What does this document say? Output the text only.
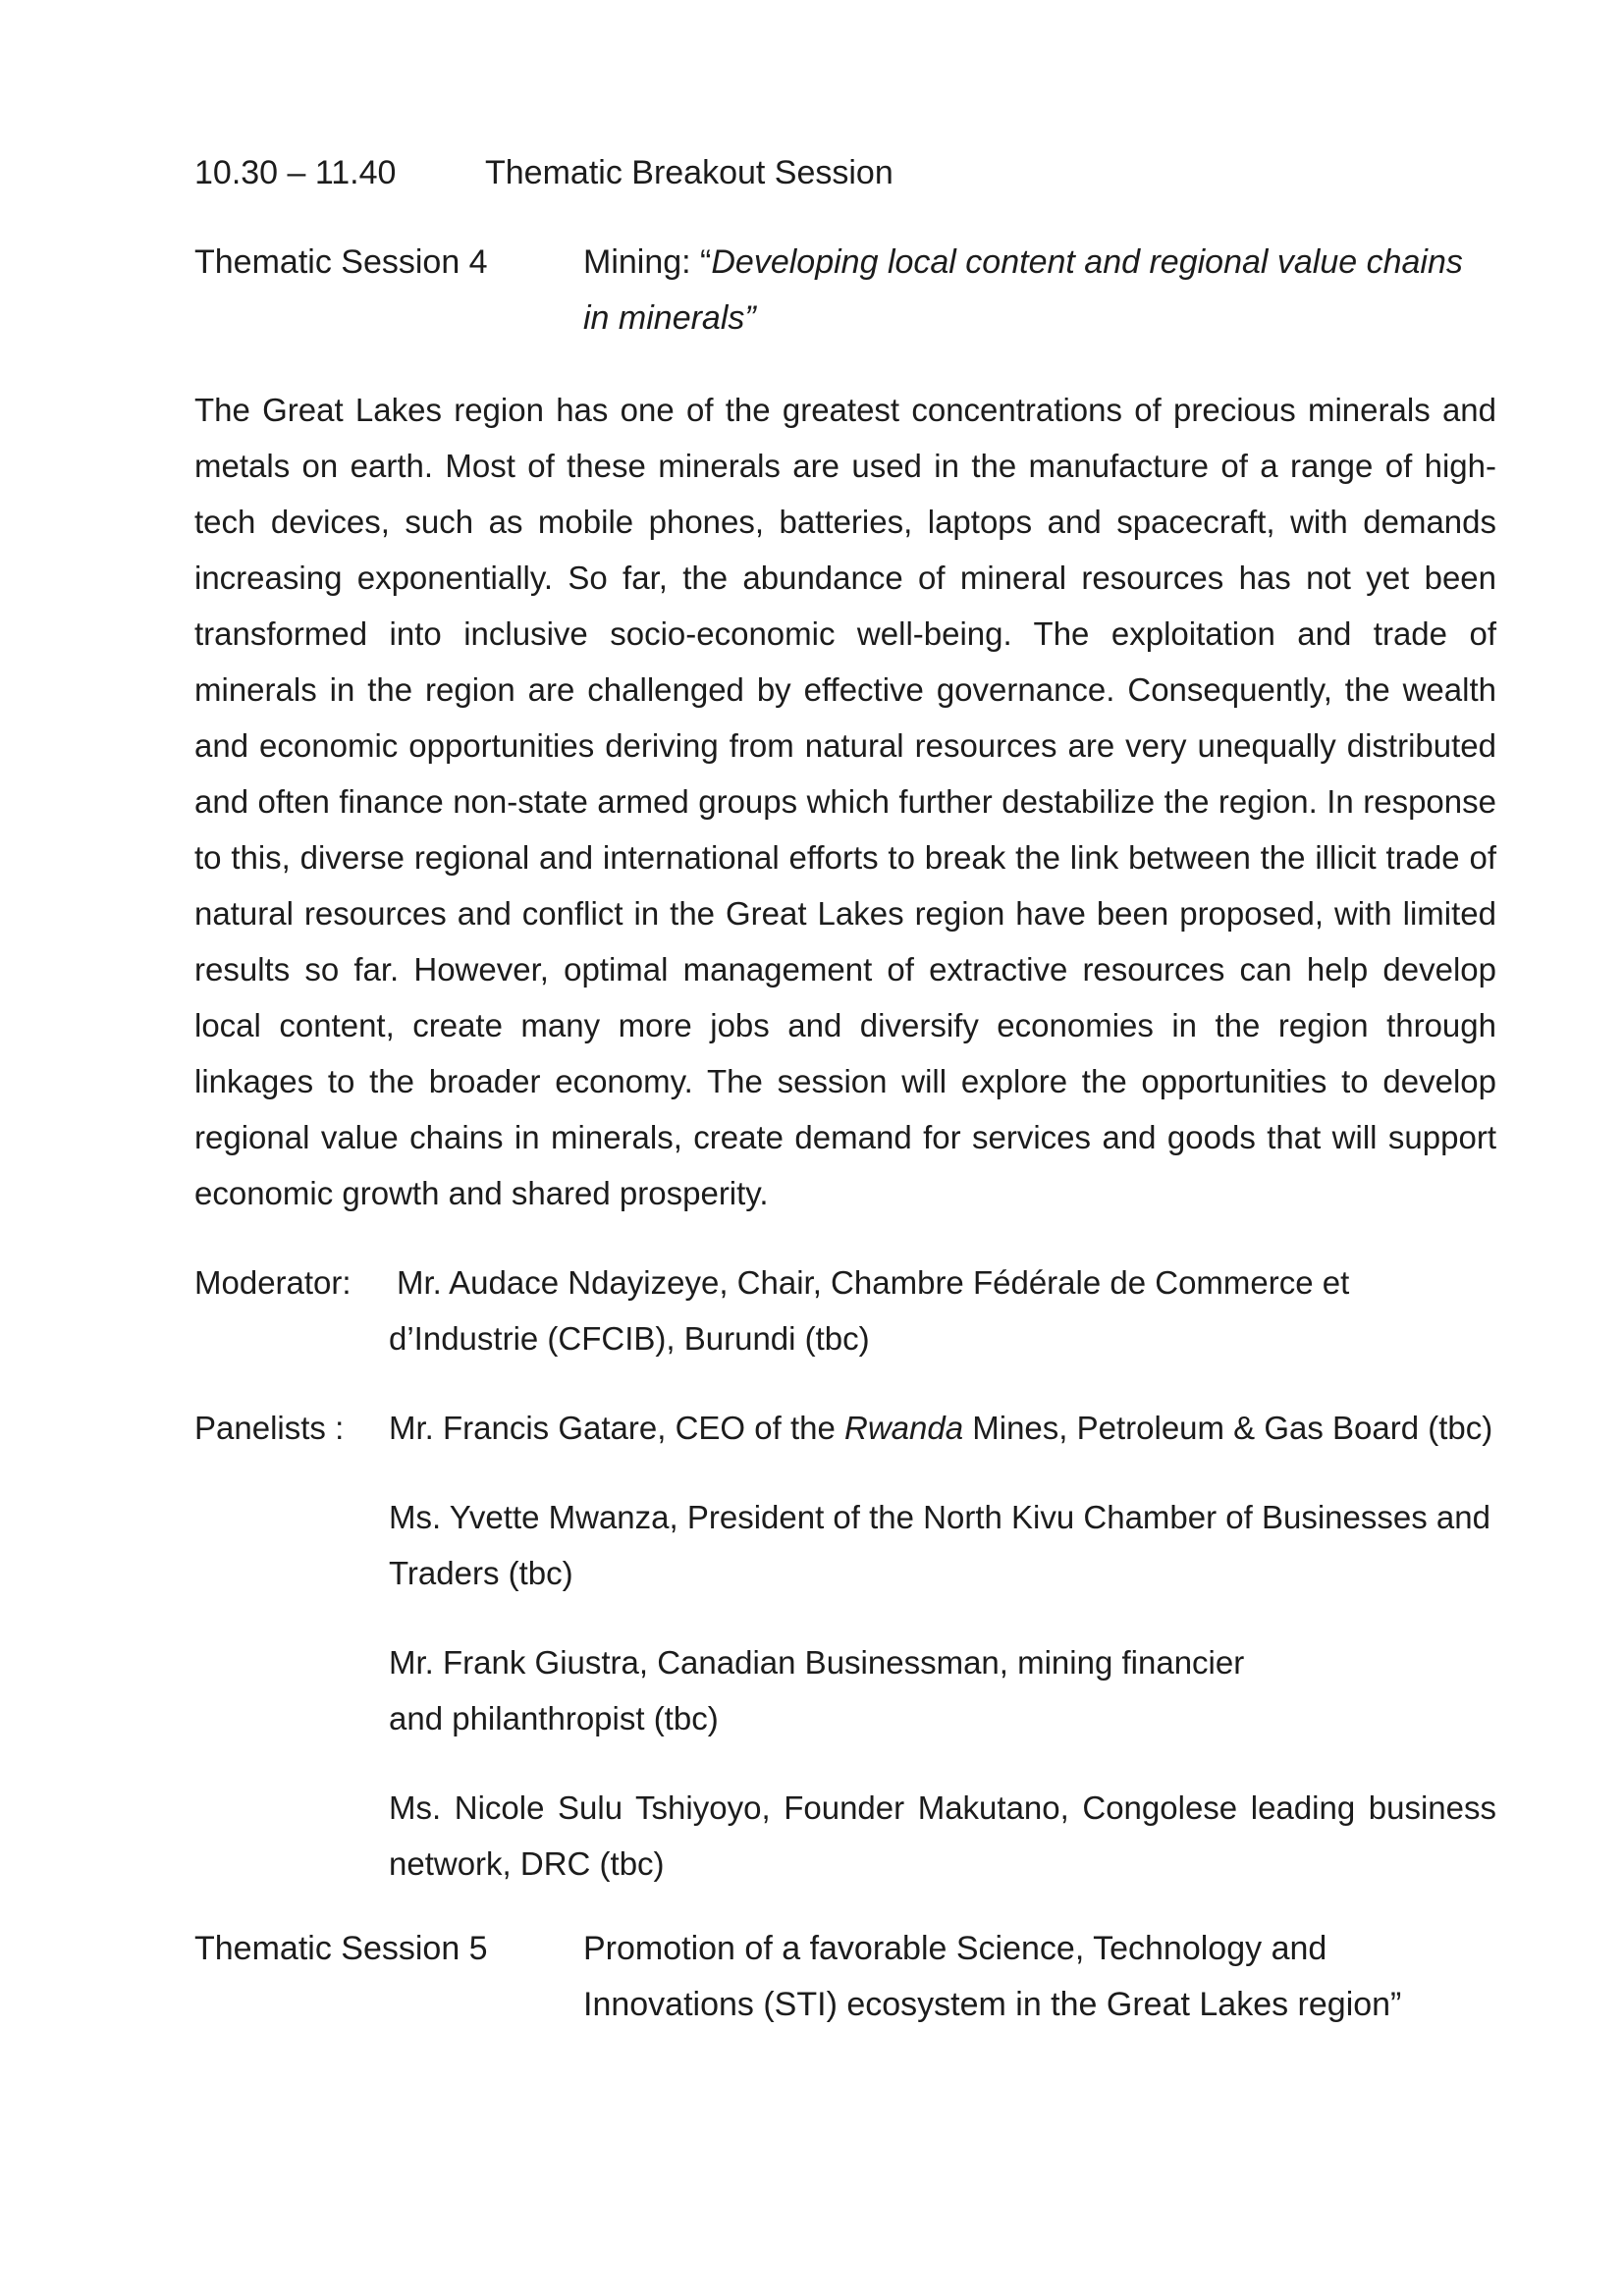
10.30 – 11.40	Thematic Breakout Session
Thematic Session 4	Mining: “Developing local content and regional value chains in minerals”

The Great Lakes region has one of the greatest concentrations of precious minerals and metals on earth. Most of these minerals are used in the manufacture of a range of high-tech devices, such as mobile phones, batteries, laptops and spacecraft, with demands increasing exponentially. So far, the abundance of mineral resources has not yet been transformed into inclusive socio-economic well-being. The exploitation and trade of minerals in the region are challenged by effective governance. Consequently, the wealth and economic opportunities deriving from natural resources are very unequally distributed and often finance non-state armed groups which further destabilize the region. In response to this, diverse regional and international efforts to break the link between the illicit trade of natural resources and conflict in the Great Lakes region have been proposed, with limited results so far. However, optimal management of extractive resources can help develop local content, create many more jobs and diversify economies in the region through linkages to the broader economy. The session will explore the opportunities to develop regional value chains in minerals, create demand for services and goods that will support economic growth and shared prosperity.

Moderator:	Mr. Audace Ndayizeye, Chair, Chambre Fédérale de Commerce et d’Industrie (CFCIB), Burundi (tbc)
Panelists :	Mr. Francis Gatare, CEO of the Rwanda Mines, Petroleum & Gas Board (tbc)
Ms. Yvette Mwanza, President of the North Kivu Chamber of Businesses and Traders (tbc)
Mr. Frank Giustra, Canadian Businessman, mining financier and philanthropist (tbc)
Ms. Nicole Sulu Tshiyoyo, Founder Makutano, Congolese leading business network, DRC (tbc)
Thematic Session 5	Promotion of a favorable Science, Technology and Innovations (STI) ecosystem in the Great Lakes region”
